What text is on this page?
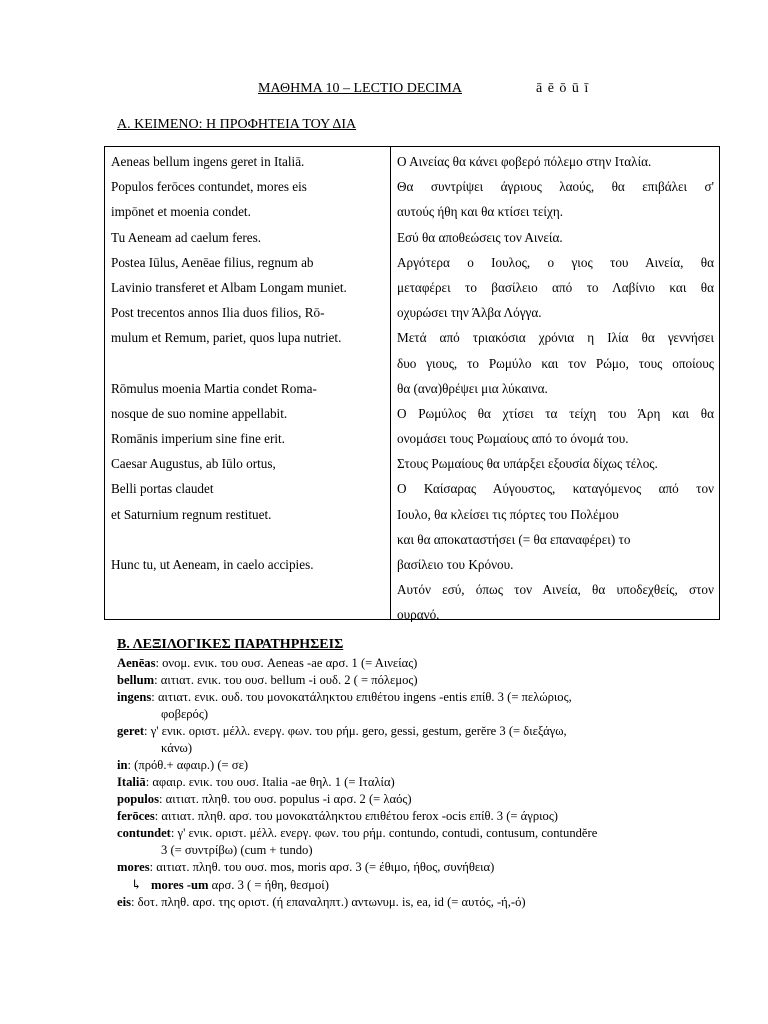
ΜΑΘΗΜΑ 10 – LECTIO DECIMA	ā ē ō ū ī
Α. ΚΕΙΜΕΝΟ: Η ΠΡΟΦΗΤΕΙΑ ΤΟΥ ΔΙΑ
Aeneas bellum ingens geret in Italiā.
Populos ferōces contundet, mores eis
impōnet et moenia condet.
Tu Aeneam ad caelum feres.
Postea Iūlus, Aenēae filius, regnum ab
Lavinio transferet et Albam Longam muniet.
Post trecentos annos Ilia duos filios, Rō-
mulum et Remum, pariet, quos lupa nutriet.
Rōmulus moenia Martia condet Roma-
nosque de suo nomine appellabit.
Romānis imperium sine fine erit.
Caesar Augustus, ab Iūlo ortus,
Belli portas claudet
et Saturnium regnum restituet.
Hunc tu, ut Aeneam, in caelo accipies.
Ο Αινείας θα κάνει φοβερό πόλεμο στην Ιταλία.
Θα συντρίψει άγριους λαούς, θα επιβάλει σ'
αυτούς ήθη και θα κτίσει τείχη.
Εσύ θα αποθεώσεις τον Αινεία.
Αργότερα ο Ιουλος, ο γιος του Αινεία, θα
μεταφέρει το βασίλειο από το Λαβίνιο και θα
οχυρώσει την Άλβα Λόγγα.
Μετά από τριακόσια χρόνια η Ιλία θα γεννήσει
δυο γιους, το Ρωμύλο και τον Ρώμο, τους οποίους
θα (ανα)θρέψει μια λύκαινα.
Ο Ρωμύλος θα χτίσει τα τείχη του Άρη και θα
ονομάσει τους Ρωμαίους από το όνομά του.
Στους Ρωμαίους θα υπάρξει εξουσία δίχως τέλος.
Ο Καίσαρας Αύγουστος, καταγόμενος από τον
Ιουλο, θα κλείσει τις πόρτες του Πολέμου
και θα αποκαταστήσει (= θα επαναφέρει) το
βασίλειο του Κρόνου.
Αυτόν εσύ, όπως τον Αινεία, θα υποδεχθείς, στον
ουρανό.
Β. ΛΕΞΙΛΟΓΙΚΕΣ ΠΑΡΑΤΗΡΗΣΕΙΣ
Aenēas: ονομ. ενικ. του ουσ. Aeneas -ae αρσ. 1 (= Αινείας)
bellum: αιτιατ. ενικ. του ουσ. bellum -i ουδ. 2 ( = πόλεμος)
ingens: αιτιατ. ενικ. ουδ. του μονοκατάληκτου επιθέτου ingens -entis επίθ. 3 (= πελώριος,
φοβερός)
geret: γ' ενικ. οριστ. μέλλ. ενεργ. φων. του ρήμ. gero, gessi, gestum, gerĕre 3 (= διεξάγω,
κάνω)
in: (πρόθ.+ αφαιρ.) (= σε)
Italiā: αφαιρ. ενικ. του ουσ. Italia -ae θηλ. 1 (= Ιταλία)
populos: αιτιατ. πληθ. του ουσ. populus -i αρσ. 2 (= λαός)
ferōces: αιτιατ. πληθ. αρσ. του μονοκατάληκτου επιθέτου ferox -ocis επίθ. 3 (= άγριος)
contundet: γ' ενικ. οριστ. μέλλ. ενεργ. φων. του ρήμ. contundo, contudi, contusum, contundĕre
3 (= συντρίβω) (cum + tundo)
mores: αιτιατ. πληθ. του ουσ. mos, moris αρσ. 3 (= έθιμο, ήθος, συνήθεια)
↳ mores -um αρσ. 3 ( = ήθη, θεσμοί)
eis: δοτ. πληθ. αρσ. της οριστ. (ή επαναληπτ.) αντωνυμ. is, ea, id (= αυτός, -ή,-ό)
